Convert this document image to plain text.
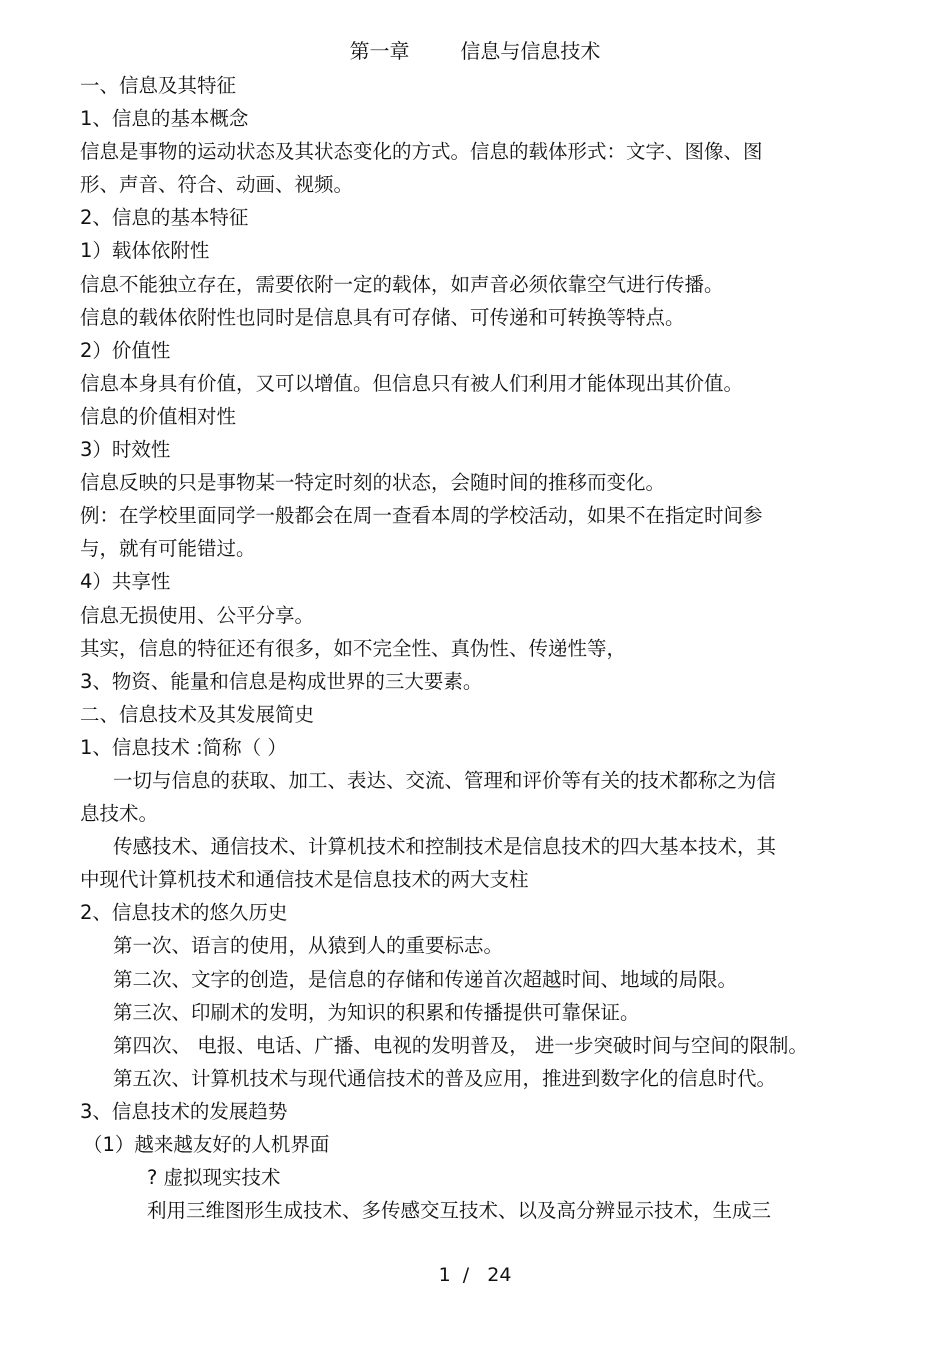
第一章        信息与信息技术
一、信息及其特征
1、信息的基本概念
信息是事物的运动状态及其状态变化的方式。信息的载体形式：文字、图像、图
形、声音、符合、动画、视频。
2、信息的基本特征
1）载体依附性
信息不能独立存在，需要依附一定的载体，如声音必须依靠空气进行传播。
信息的载体依附性也同时是信息具有可存储、可传递和可转换等特点。
2）价值性
信息本身具有价值，又可以增值。但信息只有被人们利用才能体现出其价值。
信息的价值相对性
3）时效性
信息反映的只是事物某一特定时刻的状态，会随时间的推移而变化。
例：在学校里面同学一般都会在周一查看本周的学校活动，如果不在指定时间参
与，就有可能错过。
4）共享性
信息无损使用、公平分享。
其实，信息的特征还有很多，如不完全性、真伪性、传递性等，
3、物资、能量和信息是构成世界的三大要素。
二、信息技术及其发展简史
1、信息技术 :简称（ ）
一切与信息的获取、加工、表达、交流、管理和评价等有关的技术都称之为信
息技术。
传感技术、通信技术、计算机技术和控制技术是信息技术的四大基本技术，其
中现代计算机技术和通信技术是信息技术的两大支柱
2、信息技术的悠久历史
第一次、语言的使用，从猿到人的重要标志。
第二次、文字的创造，是信息的存储和传递首次超越时间、地域的局限。
第三次、印刷术的发明，为知识的积累和传播提供可靠保证。
第四次、 电报、电话、广播、电视的发明普及， 进一步突破时间与空间的限制。
第五次、计算机技术与现代通信技术的普及应用，推进到数字化的信息时代。
3、信息技术的发展趋势
（1）越来越友好的人机界面
? 虚拟现实技术
利用三维图形生成技术、多传感交互技术、以及高分辨显示技术，生成三
1  /   24
